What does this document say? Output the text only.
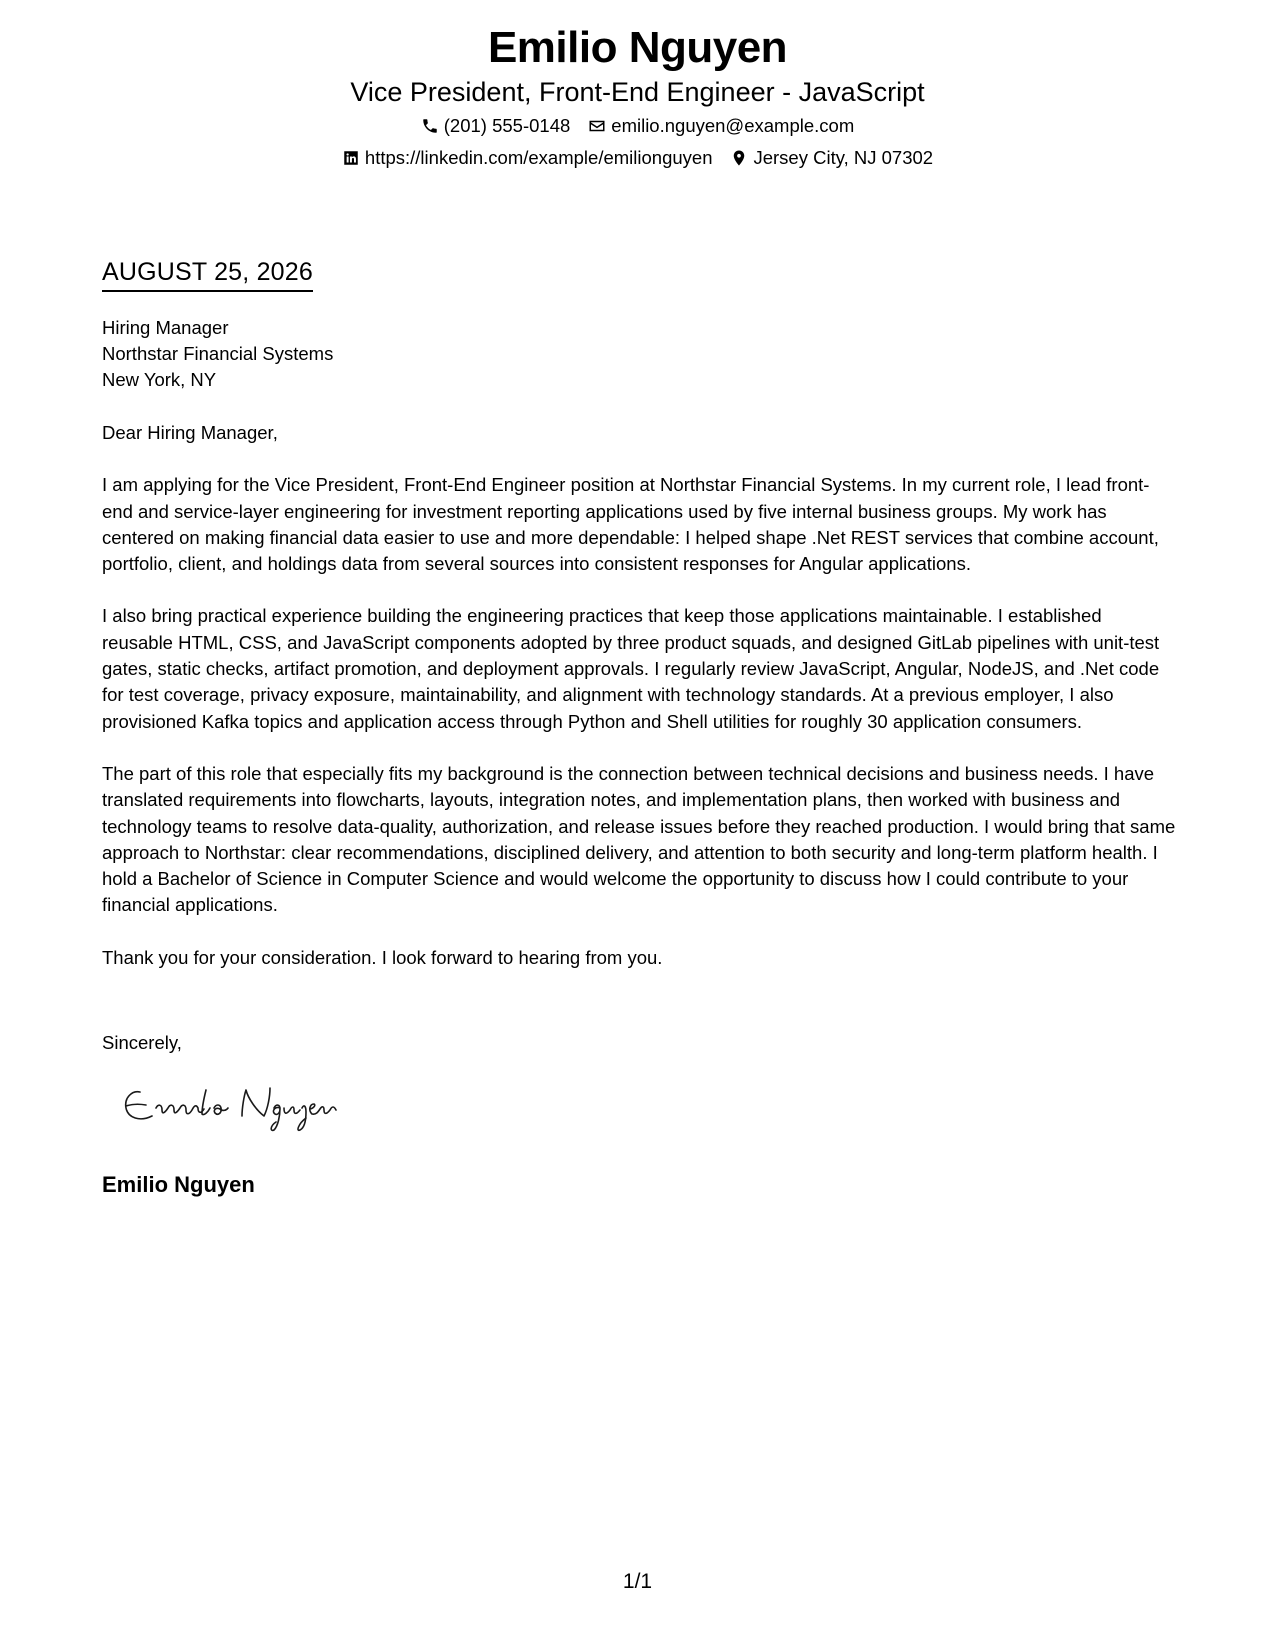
Emilio Nguyen
Vice President, Front-End Engineer - JavaScript
(201) 555-0148 emilio.nguyen@example.com
https://linkedin.com/example/emilionguyen Jersey City, NJ 07302
AUGUST 25, 2026
Hiring Manager
Northstar Financial Systems
New York, NY

Dear Hiring Manager,

I am applying for the Vice President, Front-End Engineer position at Northstar Financial Systems. In my current role, I lead front-end and service-layer engineering for investment reporting applications used by five internal business groups. My work has centered on making financial data easier to use and more dependable: I helped shape .Net REST services that combine account, portfolio, client, and holdings data from several sources into consistent responses for Angular applications.

I also bring practical experience building the engineering practices that keep those applications maintainable. I established reusable HTML, CSS, and JavaScript components adopted by three product squads, and designed GitLab pipelines with unit-test gates, static checks, artifact promotion, and deployment approvals. I regularly review JavaScript, Angular, NodeJS, and .Net code for test coverage, privacy exposure, maintainability, and alignment with technology standards. At a previous employer, I also provisioned Kafka topics and application access through Python and Shell utilities for roughly 30 application consumers.

The part of this role that especially fits my background is the connection between technical decisions and business needs. I have translated requirements into flowcharts, layouts, integration notes, and implementation plans, then worked with business and technology teams to resolve data-quality, authorization, and release issues before they reached production. I would bring that same approach to Northstar: clear recommendations, disciplined delivery, and attention to both security and long-term platform health. I hold a Bachelor of Science in Computer Science and would welcome the opportunity to discuss how I could contribute to your financial applications.

Thank you for your consideration. I look forward to hearing from you.

Sincerely,
Emilio Nguyen
1/1
